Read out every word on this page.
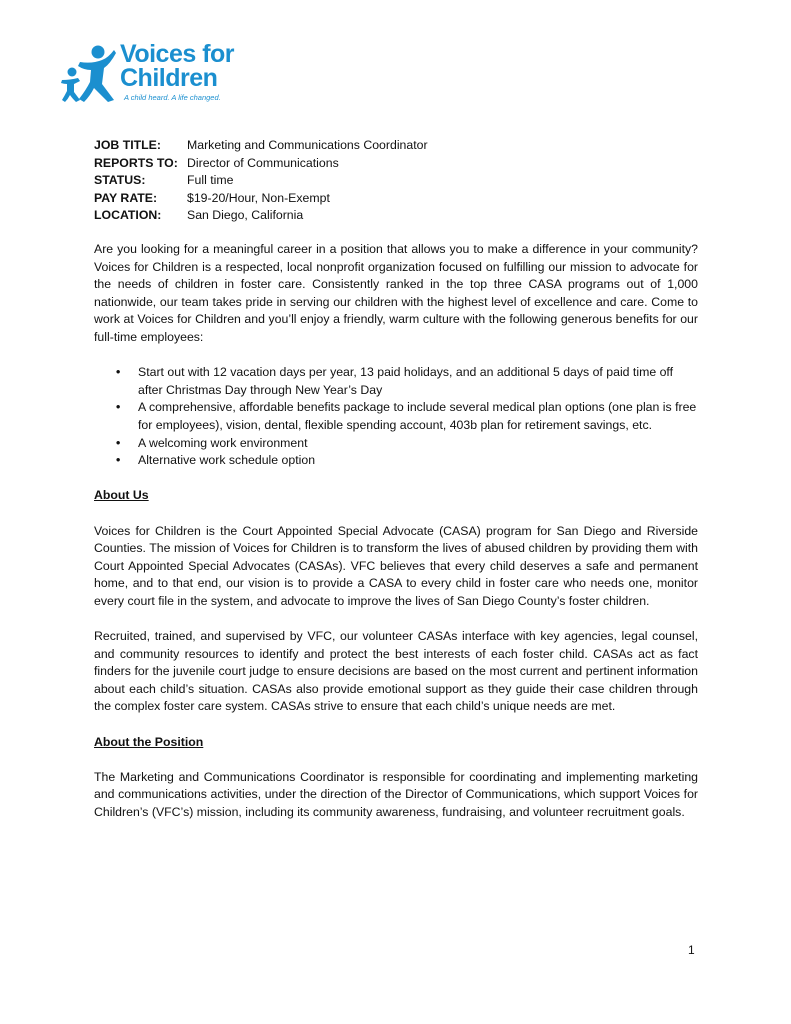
Voices for
Children
A child heard. A life changed.
JOB TITLE:	Marketing and Communications Coordinator
REPORTS TO: Director of Communications
STATUS:	Full time
PAY RATE:	$19-20/Hour, Non-Exempt
LOCATION:	San Diego, California

Are you looking for a meaningful career in a position that allows you to make a difference in your community? Voices for Children is a respected, local nonprofit organization focused on fulfilling our mission to advocate for the needs of children in foster care. Consistently ranked in the top three CASA programs out of 1,000 nationwide, our team takes pride in serving our children with the highest level of excellence and care. Come to work at Voices for Children and you’ll enjoy a friendly, warm culture with the following generous benefits for our full-time employees:

• Start out with 12 vacation days per year, 13 paid holidays, and an additional 5 days of paid time off after Christmas Day through New Year’s Day
• A comprehensive, affordable benefits package to include several medical plan options (one plan is free for employees), vision, dental, flexible spending account, 403b plan for retirement savings, etc.
• A welcoming work environment
• Alternative work schedule option

About Us

Voices for Children is the Court Appointed Special Advocate (CASA) program for San Diego and Riverside Counties. The mission of Voices for Children is to transform the lives of abused children by providing them with Court Appointed Special Advocates (CASAs). VFC believes that every child deserves a safe and permanent home, and to that end, our vision is to provide a CASA to every child in foster care who needs one, monitor every court file in the system, and advocate to improve the lives of San Diego County’s foster children.

Recruited, trained, and supervised by VFC, our volunteer CASAs interface with key agencies, legal counsel, and community resources to identify and protect the best interests of each foster child. CASAs act as fact finders for the juvenile court judge to ensure decisions are based on the most current and pertinent information about each child’s situation. CASAs also provide emotional support as they guide their case children through the complex foster care system. CASAs strive to ensure that each child’s unique needs are met.

About the Position

The Marketing and Communications Coordinator is responsible for coordinating and implementing marketing and communications activities, under the direction of the Director of Communications, which support Voices for Children’s (VFC’s) mission, including its community awareness, fundraising, and volunteer recruitment goals.

1
